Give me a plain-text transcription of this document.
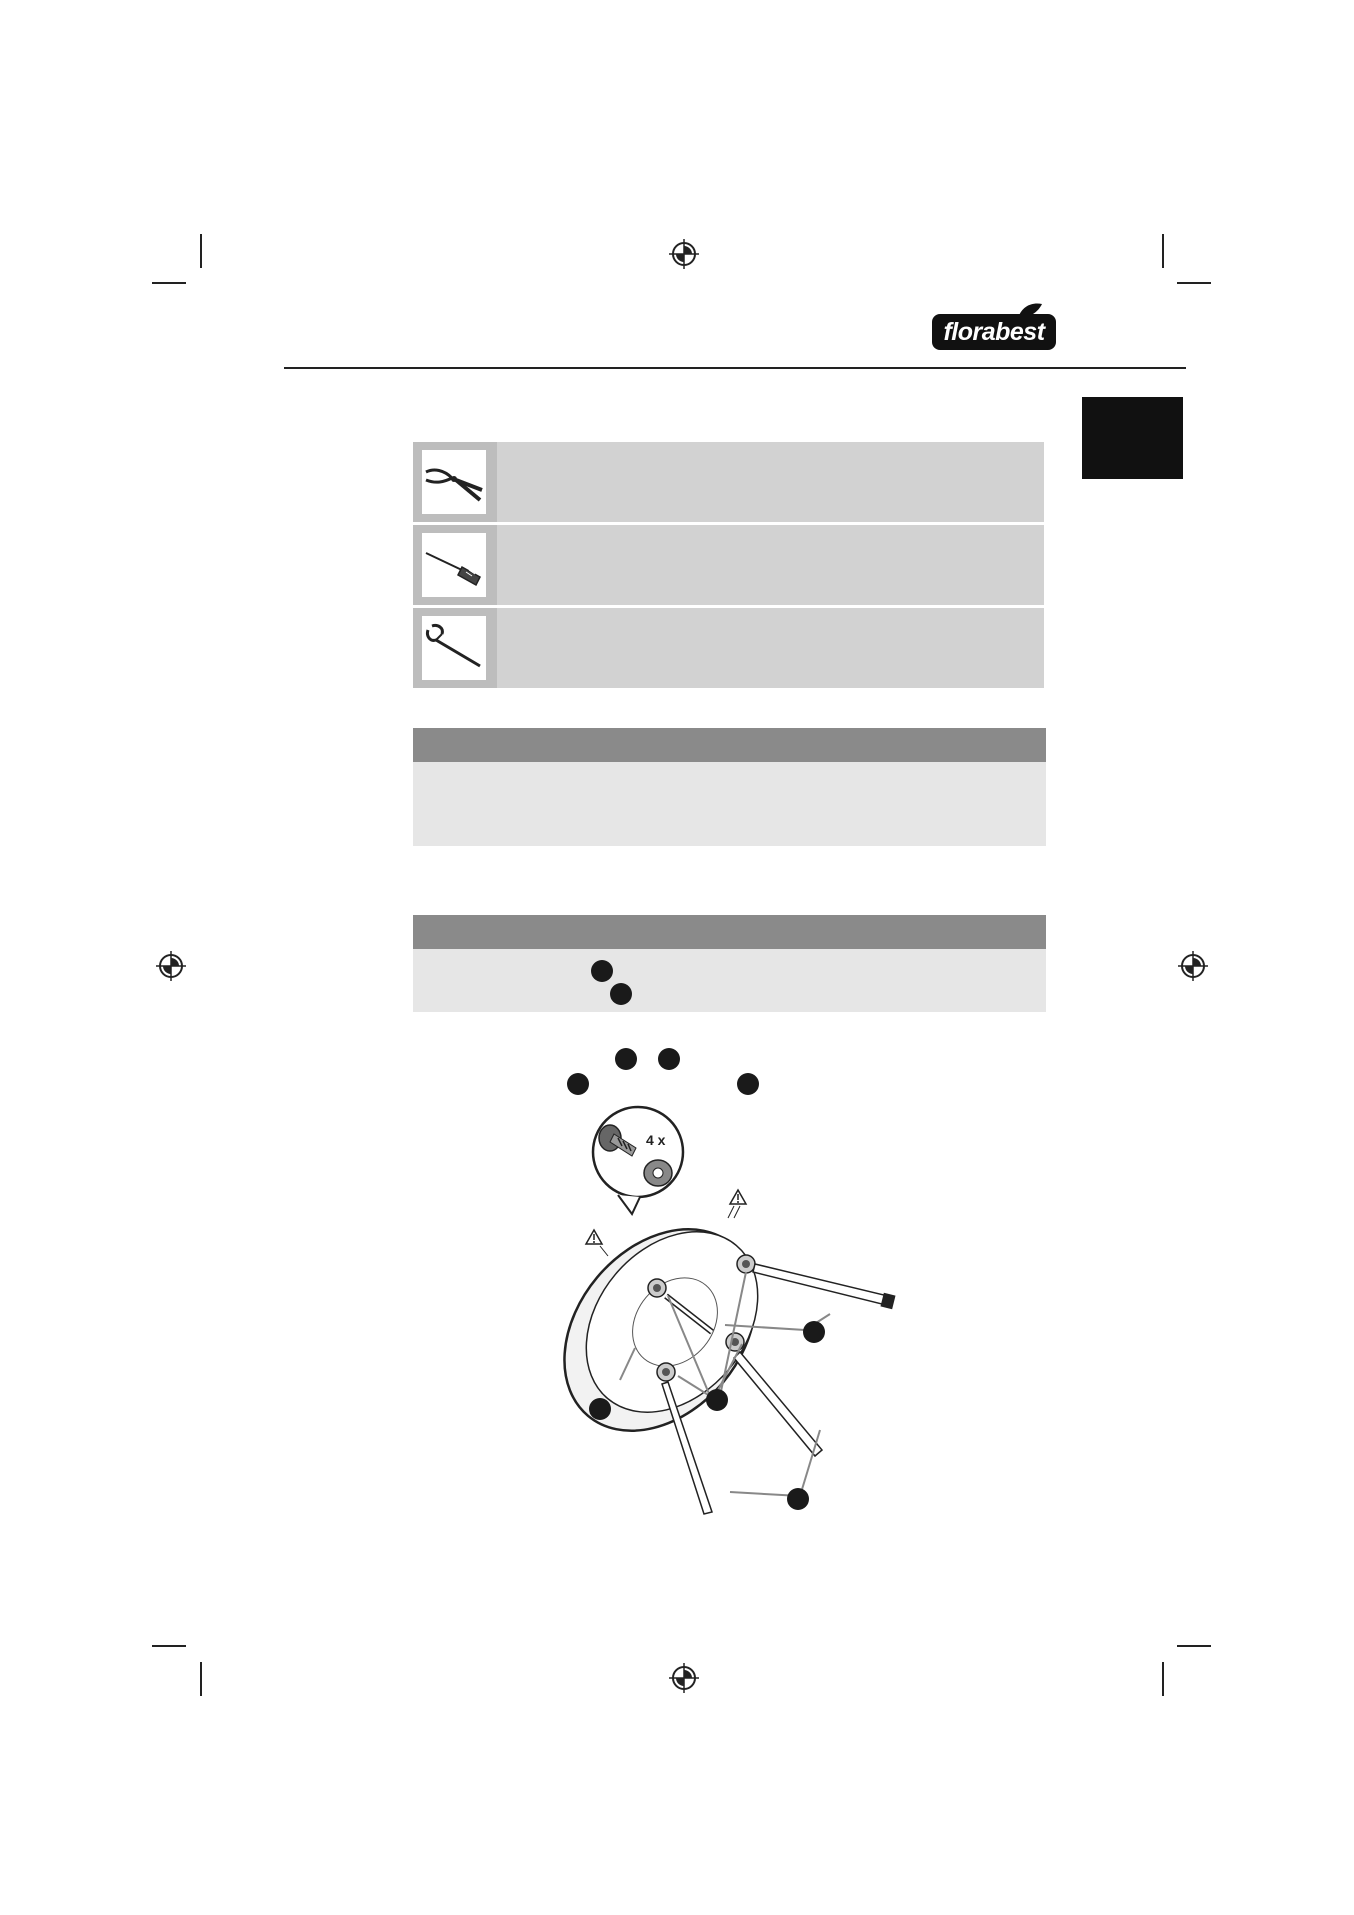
florabest
4 x
